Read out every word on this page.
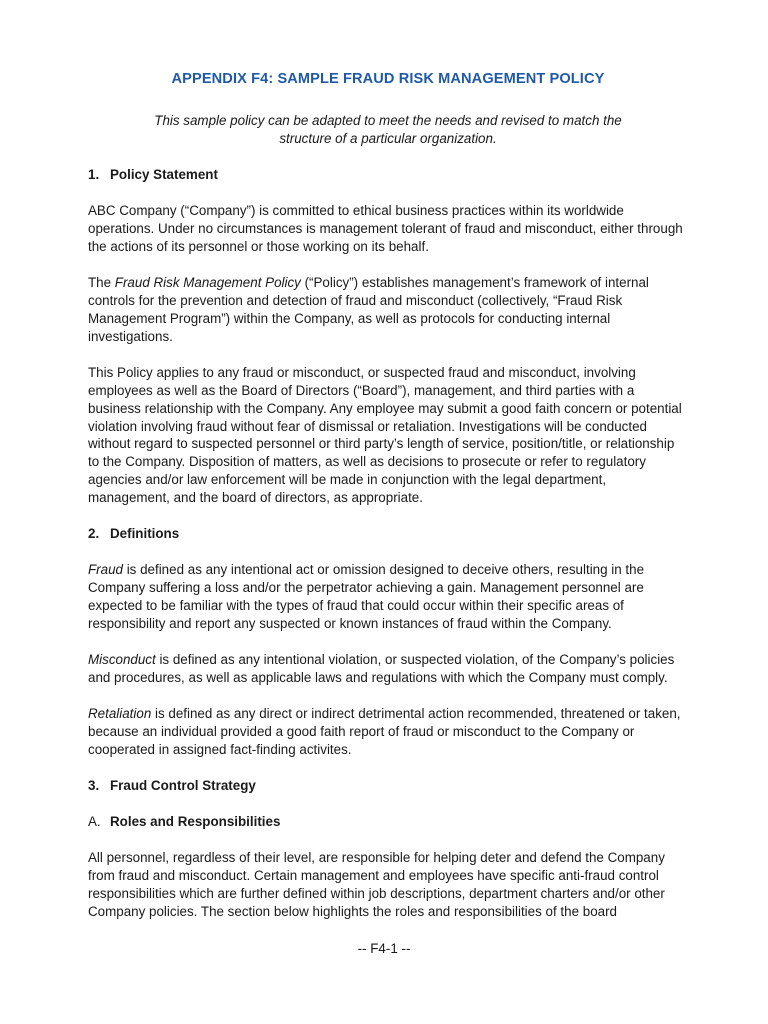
APPENDIX F4: SAMPLE FRAUD RISK MANAGEMENT POLICY
This sample policy can be adapted to meet the needs and revised to match the
structure of a particular organization.
1. Policy Statement

ABC Company (“Company”) is committed to ethical business practices within its worldwide operations. Under no circumstances is management tolerant of fraud and misconduct, either through the actions of its personnel or those working on its behalf.

The Fraud Risk Management Policy (“Policy”) establishes management’s framework of internal controls for the prevention and detection of fraud and misconduct (collectively, “Fraud Risk Management Program”) within the Company, as well as protocols for conducting internal investigations.

This Policy applies to any fraud or misconduct, or suspected fraud and misconduct, involving employees as well as the Board of Directors (“Board”), management, and third parties with a business relationship with the Company. Any employee may submit a good faith concern or potential violation involving fraud without fear of dismissal or retaliation. Investigations will be conducted without regard to suspected personnel or third party’s length of service, position/title, or relationship to the Company. Disposition of matters, as well as decisions to prosecute or refer to regulatory agencies and/or law enforcement will be made in conjunction with the legal department, management, and the board of directors, as appropriate.

2. Definitions

Fraud is defined as any intentional act or omission designed to deceive others, resulting in the Company suffering a loss and/or the perpetrator achieving a gain. Management personnel are expected to be familiar with the types of fraud that could occur within their specific areas of responsibility and report any suspected or known instances of fraud within the Company.

Misconduct is defined as any intentional violation, or suspected violation, of the Company’s policies and procedures, as well as applicable laws and regulations with which the Company must comply.

Retaliation is defined as any direct or indirect detrimental action recommended, threatened or taken, because an individual provided a good faith report of fraud or misconduct to the Company or cooperated in assigned fact-finding activites.

3. Fraud Control Strategy
A. Roles and Responsibilities

All personnel, regardless of their level, are responsible for helping deter and defend the Company from fraud and misconduct. Certain management and employees have specific anti-fraud control responsibilities which are further defined within job descriptions, department charters and/or other Company policies. The section below highlights the roles and responsibilities of the board

-- F4-1 --
